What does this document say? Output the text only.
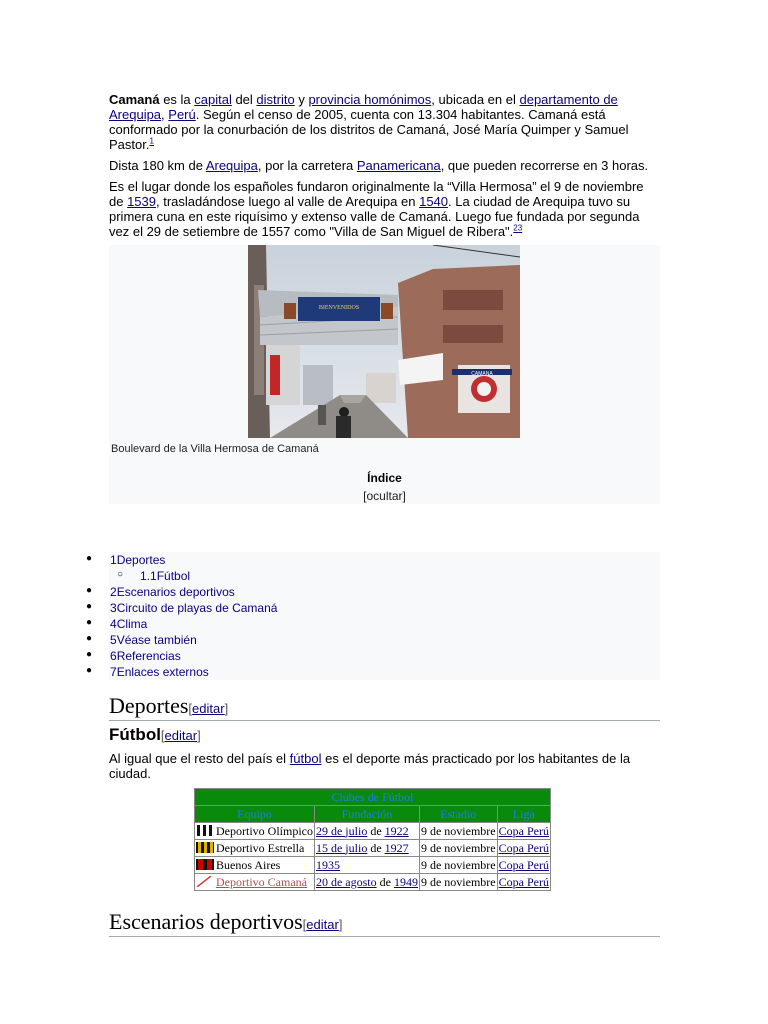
Camaná es la capital del distrito y provincia homónimos, ubicada en el departamento de Arequipa, Perú. Según el censo de 2005, cuenta con 13.304 habitantes. Camaná está conformado por la conurbación de los distritos de Camaná, José María Quimper y Samuel Pastor.$^1$

Dista 180 km de Arequipa, por la carretera Panamericana, que pueden recorrerse en 3 horas.

Es el lugar donde los españoles fundaron originalmente la “Villa Hermosa” el 9 de noviembre de 1539, trasladándose luego al valle de Arequipa en 1540. La ciudad de Arequipa tuvo su primera cuna en este riquísimo y extenso valle de Camaná. Luego fue fundada por segunda vez el 29 de setiembre de 1557 como "Villa de San Miguel de Ribera".$^{23}$

CAMANA
BIENVENIDOS
Boulevard de la Villa Hermosa de Camaná
Índice
[ocultar]
● 1Deportes
○ 1.1Fútbol
● 2Escenarios deportivos
● 3Circuito de playas de Camaná
● 4Clima
● 5Véase también
● 6Referencias
● 7Enlaces externos
Deportes[editar]
Fútbol[editar]
Al igual que el resto del país el fútbol es el deporte más practicado por los habitantes de la ciudad.
Clubes de Fútbol			
Equipo	Fundación	Estadio	Liga
Deportivo Olímpico	29 de julio de 1922	9 de noviembre	Copa Perú
Deportivo Estrella	15 de julio de 1927	9 de noviembre	Copa Perú
Buenos Aires	1935	9 de noviembre	Copa Perú
Deportivo Camaná	20 de agosto de 1949	9 de noviembre	Copa Perú
Escenarios deportivos[editar]
